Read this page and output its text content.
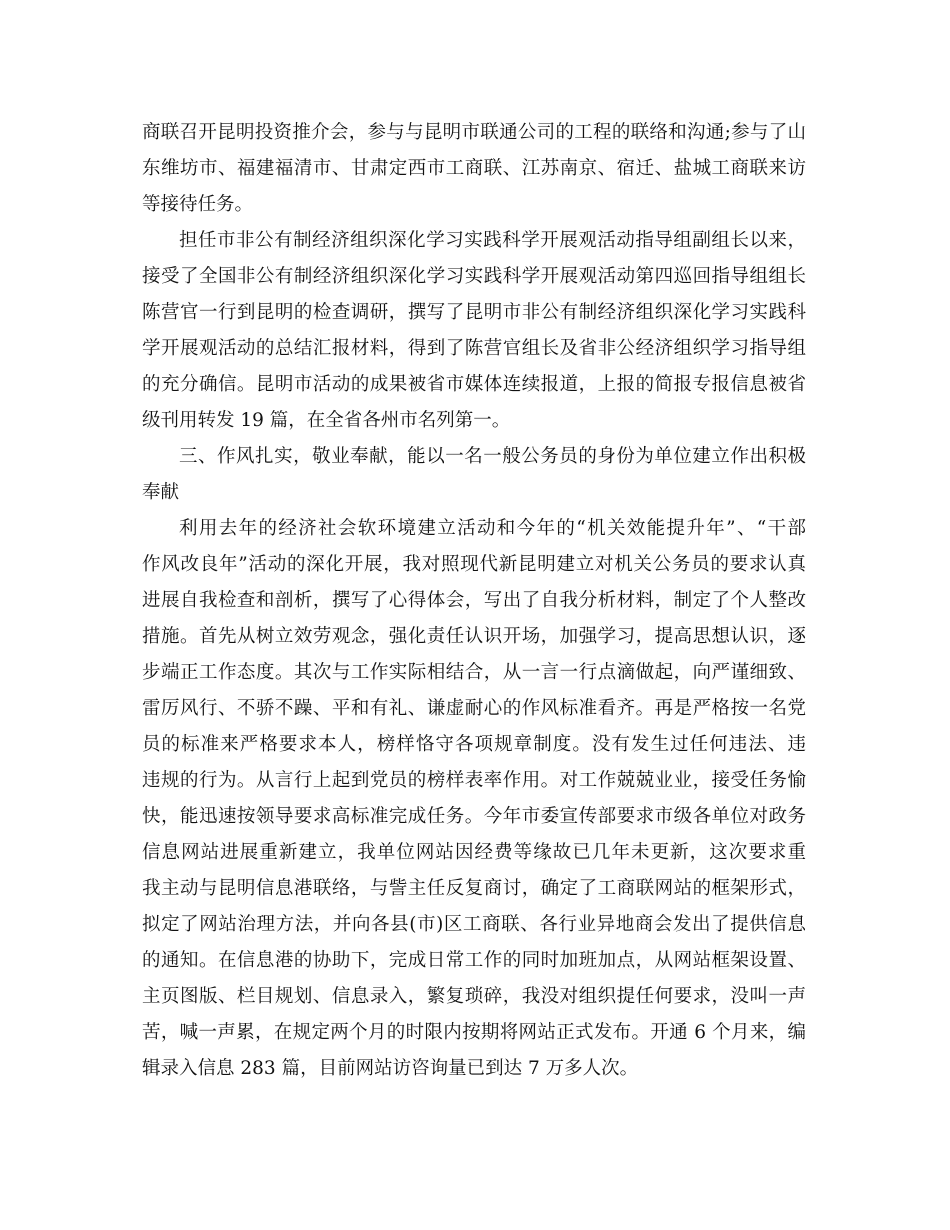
商联召开昆明投资推介会，参与与昆明市联通公司的工程的联络和沟通;参与了山
东维坊市、福建福清市、甘肃定西市工商联、江苏南京、宿迁、盐城工商联来访
等接待任务。
担任市非公有制经济组织深化学习实践科学开展观活动指导组副组长以来，
接受了全国非公有制经济组织深化学习实践科学开展观活动第四巡回指导组组长
陈营官一行到昆明的检查调研，撰写了昆明市非公有制经济组织深化学习实践科
学开展观活动的总结汇报材料，得到了陈营官组长及省非公经济组织学习指导组
的充分确信。昆明市活动的成果被省市媒体连续报道，上报的简报专报信息被省
级刊用转发 19 篇，在全省各州市名列第一。
三、作风扎实，敬业奉献，能以一名一般公务员的身份为单位建立作出积极
奉献
利用去年的经济社会软环境建立活动和今年的“机关效能提升年”、“干部
作风改良年”活动的深化开展，我对照现代新昆明建立对机关公务员的要求认真
进展自我检查和剖析，撰写了心得体会，写出了自我分析材料，制定了个人整改
措施。首先从树立效劳观念，强化责任认识开场，加强学习，提高思想认识，逐
步端正工作态度。其次与工作实际相结合，从一言一行点滴做起，向严谨细致、
雷厉风行、不骄不躁、平和有礼、谦虚耐心的作风标准看齐。再是严格按一名党
员的标准来严格要求本人，榜样恪守各项规章制度。没有发生过任何违法、违
违规的行为。从言行上起到党员的榜样表率作用。对工作兢兢业业，接受任务愉
快，能迅速按领导要求高标准完成任务。今年市委宣传部要求市级各单位对政务
信息网站进展重新建立，我单位网站因经费等缘故已几年未更新，这次要求重
我主动与昆明信息港联络，与訾主任反复商讨，确定了工商联网站的框架形式，
拟定了网站治理方法，并向各县(市)区工商联、各行业异地商会发出了提供信息
的通知。在信息港的协助下，完成日常工作的同时加班加点，从网站框架设置、
主页图版、栏目规划、信息录入，繁复琐碎，我没对组织提任何要求，没叫一声
苦，喊一声累，在规定两个月的时限内按期将网站正式发布。开通 6 个月来，编
辑录入信息 283 篇，目前网站访咨询量已到达 7 万多人次。
